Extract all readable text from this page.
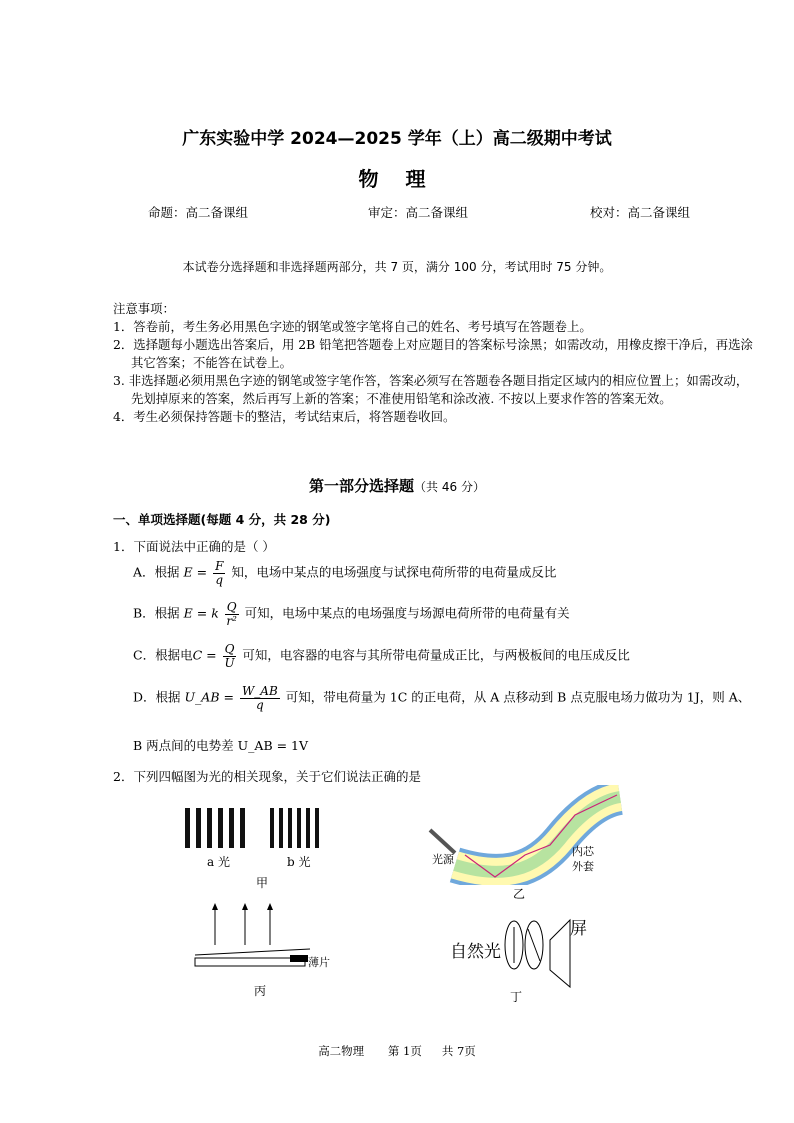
广东实验中学 2024—2025 学年（上）高二级期中考试
物 理
命题：高二备课组	审定：高二备课组	校对：高二备课组
本试卷分选择题和非选择题两部分，共 7 页，满分 100 分，考试用时 75 分钟。
注意事项：
1．答卷前，考生务必用黑色字迹的钢笔或签字笔将自己的姓名、考号填写在答题卷上。
2．选择题每小题选出答案后，用 2B 铅笔把答题卷上对应题目的答案标号涂黑；如需改动，用橡皮擦干净后，再选涂其它答案；不能答在试卷上。
3. 非选择题必须用黑色字迹的钢笔或签字笔作答，答案必须写在答题卷各题目指定区域内的相应位置上；如需改动，先划掉原来的答案，然后再写上新的答案；不准使用铅笔和涂改液. 不按以上要求作答的答案无效。
4．考生必须保持答题卡的整洁，考试结束后，将答题卷收回。
第一部分选择题（共 46 分）
一、单项选择题(每题 4 分，共 28 分)
1．下面说法中正确的是（ ）
A．根据 $E = \frac{F}{q}$ 知，电场中某点的电场强度与试探电荷所带的电荷量成反比
B．根据 E = k $\frac{Q}{\text{r²}}$ 可知，电场中某点的电场强度与场源电荷所带的电荷量有关
C．根据电$C = \frac{Q}{U}$ 可知，电容器的电容与其所带电荷量成正比，与两极板间的电压成反比
D．根据 U_AB = $\frac{W\_AB}{q}$ 可知，带电荷量为 1C 的正电荷，从 A 点移动到 B 点克服电场力做功为 1J，则 A、
B 两点间的电势差 U_AB = 1V
2．下列四幅图为光的相关现象，关于它们说法正确的是
a 光	b 光
甲
光源
内芯
外套
乙
薄片
丙
自然光
屏
丁
高二物理 第 1页 共 7页
